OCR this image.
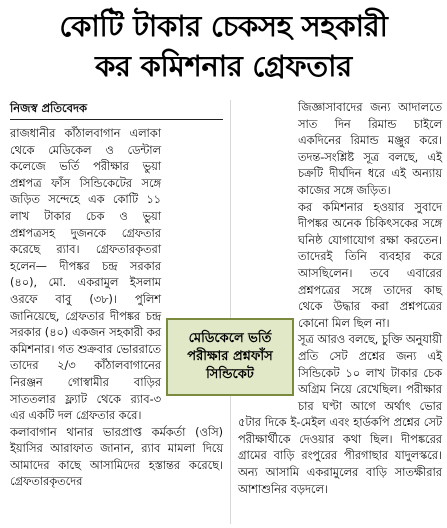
কোটি টাকার চেকসহ সহকারী
কর কমিশনার গ্রেফতার
নিজস্ব প্রতিবেদক

রাজধানীর কাঁঠালবাগান এলাকা থেকে মেডিকেল ও ডেন্টাল কলেজে ভর্তি পরীক্ষার ভুয়া প্রশ্নপত্র ফাঁস সিন্ডিকেটের সঙ্গে জড়িত সন্দেহে এক কোটি ১১ লাখ টাকার চেক ও ভুয়া প্রশ্নপত্রসহ দুজনকে গ্রেফতার করেছে র‍্যাব। গ্রেফতারকৃতরা হলেন— দীপঙ্কর চন্দ্র সরকার (৪০), মো. একরামুল ইসলাম ওরফে বাবু (৩৮)। পুলিশ জানিয়েছে, গ্রেফতার দীপঙ্কর চন্দ্র সরকার (৪০) একজন সহকারী কর কমিশনার। গত শুক্রবার ভোররাতে তাদের ২/৩ কাঁঠালবাগানের নিরঞ্জন গোস্বামীর বাড়ির সাততলার ফ্ল্যাট থেকে র‍্যাব-৩ এর একটি দল গ্রেফতার করে।

কলাবাগান থানার ভারপ্রাপ্ত কর্মকর্তা (ওসি) ইয়াসির আরাফাত জানান, র‍্যাব মামলা দিয়ে আমাদের কাছে আসামিদের হস্তান্তর করেছে। গ্রেফতারকৃতদের

জিজ্ঞাসাবাদের জন্য আদালতে সাত দিন রিমান্ড চাইলে একদিনের রিমান্ড মঞ্জুর করে। তদন্ত-সংশ্লিষ্ট সূত্র বলছে, এই চক্রটি দীর্ঘদিন ধরে এই অন্যায় কাজের সঙ্গে জড়িত।

কর কমিশনার হওয়ার সুবাদে দীপঙ্কর অনেক চিকিৎসকের সঙ্গে ঘনিষ্ঠ যোগাযোগ রক্ষা করতেন। তাদেরই তিনি ব্যবহার করে আসছিলেন। তবে এবারের প্রশ্নপত্রের সঙ্গে তাদের কাছ থেকে উদ্ধার করা প্রশ্নপত্রের কোনো মিল ছিল না।

সূত্র আরও বলছে, চুক্তি অনুযায়ী প্রতি সেট প্রশ্নের জন্য এই সিন্ডিকেট ১০ লাখ টাকার চেক অগ্রিম নিয়ে রেখেছিল। পরীক্ষার চার ঘণ্টা আগে অর্থাৎ ভোর ৫টার দিকে ই-মেইল এবং হার্ডকপি প্রশ্নের সেট পরীক্ষার্থীকে দেওয়ার কথা ছিল। দীপঙ্করের গ্রামের বাড়ি রংপুরের পীরগাছার যাদুলস্করে। অন্য আসামি একরামুলের বাড়ি সাতক্ষীরার আশাশুনির বড়দলে।

মেডিকেলে ভর্তি
পরীক্ষার প্রশ্নফাঁস
সিন্ডিকেট
